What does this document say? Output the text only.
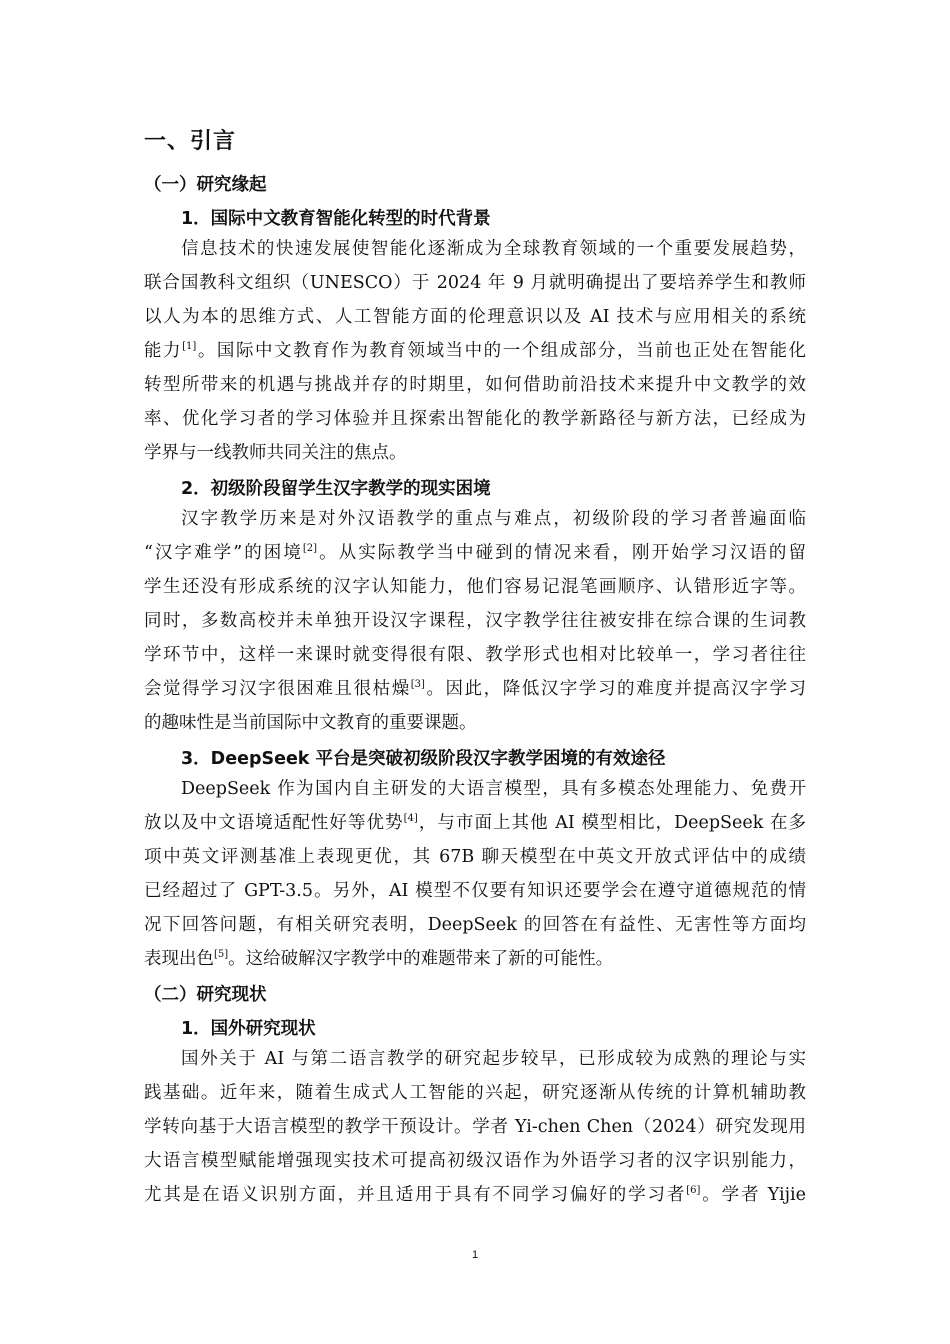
一、引言
（一）研究缘起
1．国际中文教育智能化转型的时代背景
信息技术的快速发展使智能化逐渐成为全球教育领域的一个重要发展趋势，
联合国教科文组织（UNESCO）于 2024 年 9 月就明确提出了要培养学生和教师
以人为本的思维方式、人工智能方面的伦理意识以及 AI 技术与应用相关的系统
能力[1]。国际中文教育作为教育领域当中的一个组成部分，当前也正处在智能化
转型所带来的机遇与挑战并存的时期里，如何借助前沿技术来提升中文教学的效
率、优化学习者的学习体验并且探索出智能化的教学新路径与新方法，已经成为
学界与一线教师共同关注的焦点。
2．初级阶段留学生汉字教学的现实困境
汉字教学历来是对外汉语教学的重点与难点，初级阶段的学习者普遍面临
“汉字难学”的困境[2]。从实际教学当中碰到的情况来看，刚开始学习汉语的留
学生还没有形成系统的汉字认知能力，他们容易记混笔画顺序、认错形近字等。
同时，多数高校并未单独开设汉字课程，汉字教学往往被安排在综合课的生词教
学环节中，这样一来课时就变得很有限、教学形式也相对比较单一，学习者往往
会觉得学习汉字很困难且很枯燥[3]。因此，降低汉字学习的难度并提高汉字学习
的趣味性是当前国际中文教育的重要课题。
3．DeepSeek 平台是突破初级阶段汉字教学困境的有效途径
DeepSeek 作为国内自主研发的大语言模型，具有多模态处理能力、免费开
放以及中文语境适配性好等优势[4]，与市面上其他 AI 模型相比，DeepSeek 在多
项中英文评测基准上表现更优，其 67B 聊天模型在中英文开放式评估中的成绩
已经超过了 GPT-3.5。另外，AI 模型不仅要有知识还要学会在遵守道德规范的情
况下回答问题，有相关研究表明，DeepSeek 的回答在有益性、无害性等方面均
表现出色[5]。这给破解汉字教学中的难题带来了新的可能性。
（二）研究现状
1．国外研究现状
国外关于 AI 与第二语言教学的研究起步较早，已形成较为成熟的理论与实
践基础。近年来，随着生成式人工智能的兴起，研究逐渐从传统的计算机辅助教
学转向基于大语言模型的教学干预设计。学者 Yi-chen Chen（2024）研究发现用
大语言模型赋能增强现实技术可提高初级汉语作为外语学习者的汉字识别能力，
尤其是在语义识别方面，并且适用于具有不同学习偏好的学习者[6]。学者 Yijie
1
